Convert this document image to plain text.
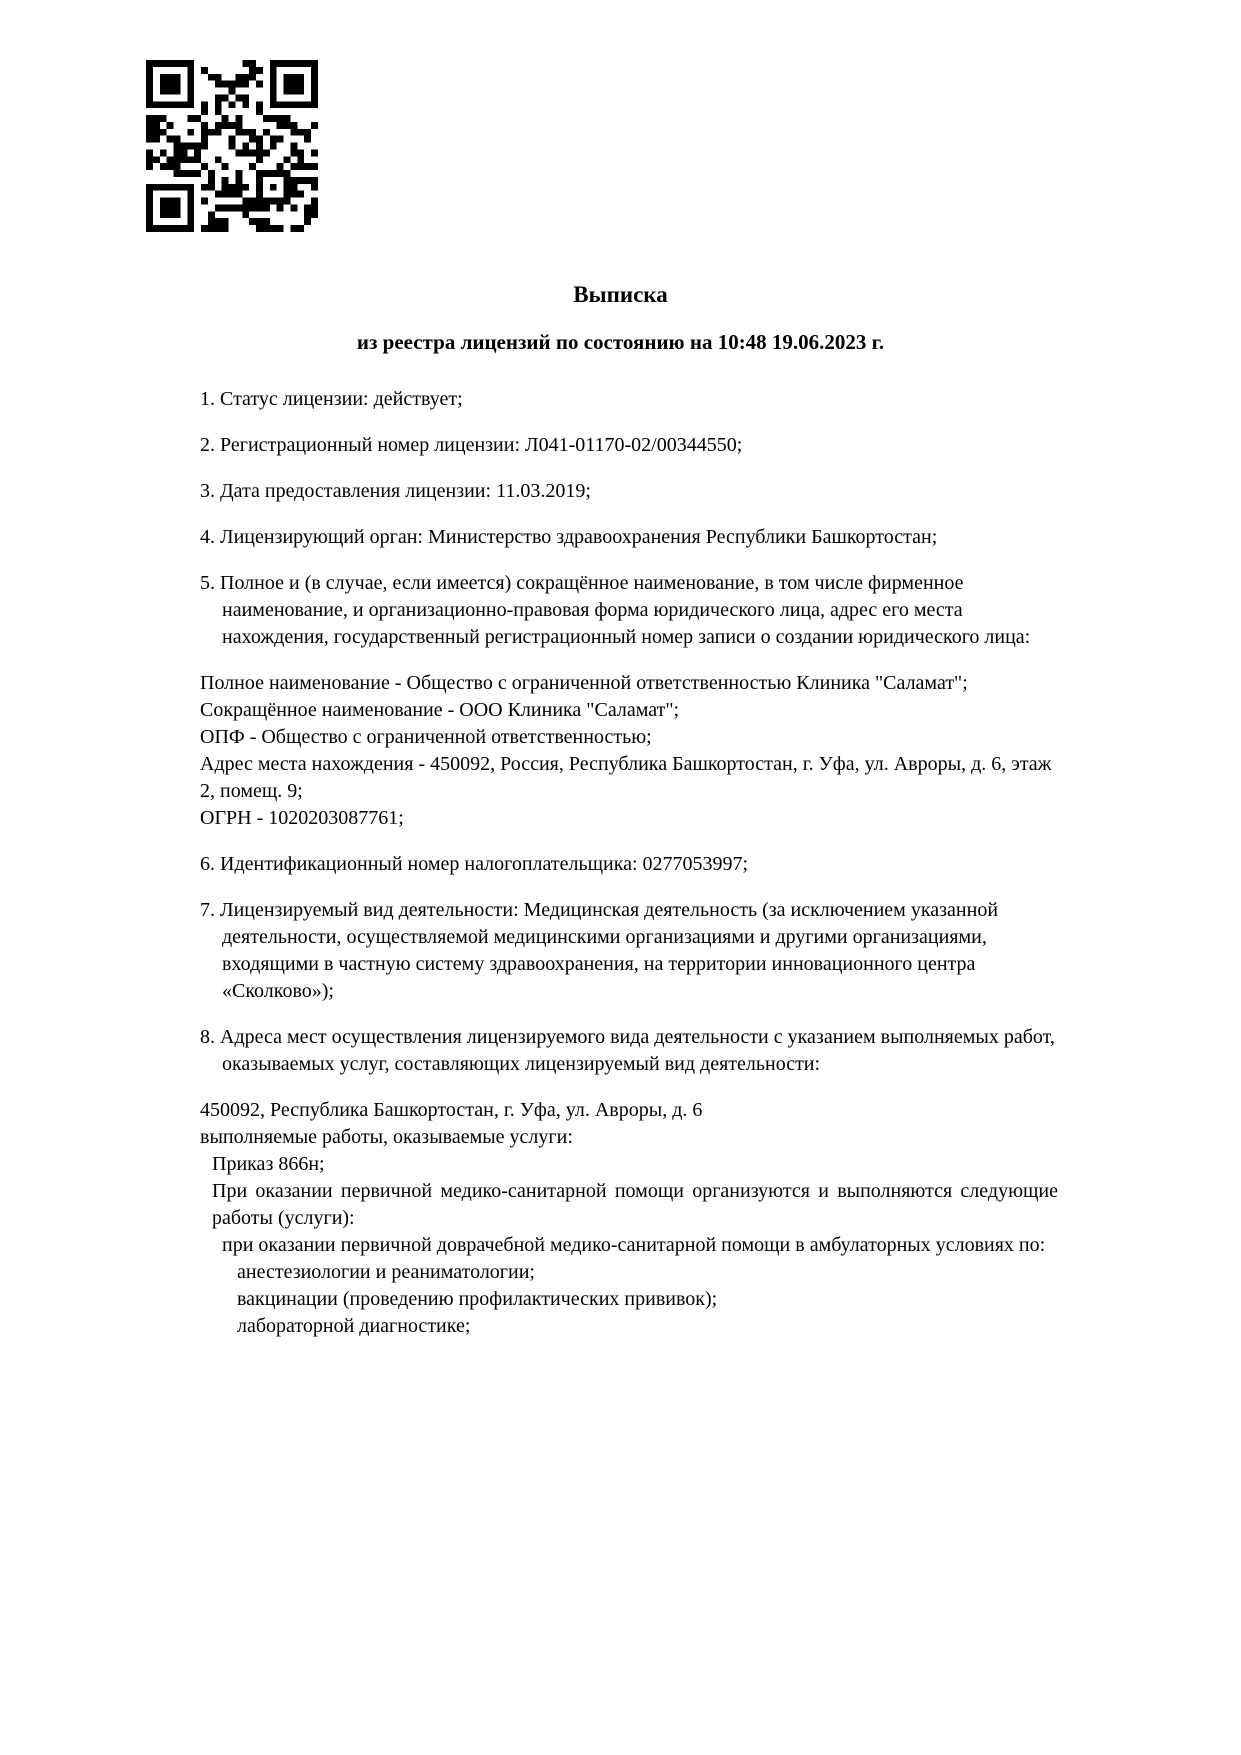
Выписка

из реестра лицензий по состоянию на 10:48 19.06.2023 г.

1. Статус лицензии: действует;

2. Регистрационный номер лицензии: Л041-01170-02/00344550;

3. Дата предоставления лицензии: 11.03.2019;

4. Лицензирующий орган: Министерство здравоохранения Республики Башкортостан;

5. Полное и (в случае, если имеется) сокращённое наименование, в том числе фирменное наименование, и организационно-правовая форма юридического лица, адрес его места нахождения, государственный регистрационный номер записи о создании юридического лица:

Полное наименование - Общество с ограниченной ответственностью Клиника "Саламат";

Сокращённое наименование - ООО Клиника "Саламат";

ОПФ - Общество с ограниченной ответственностью;

Адрес места нахождения - 450092, Россия, Республика Башкортостан, г. Уфа, ул. Авроры, д. 6, этаж 2, помещ. 9;

ОГРН - 1020203087761;

6. Идентификационный номер налогоплательщика: 0277053997;

7. Лицензируемый вид деятельности: Медицинская деятельность (за исключением указанной деятельности, осуществляемой медицинскими организациями и другими организациями, входящими в частную систему здравоохранения, на территории инновационного центра «Сколково»);

8. Адреса мест осуществления лицензируемого вида деятельности с указанием выполняемых работ, оказываемых услуг, составляющих лицензируемый вид деятельности:

450092, Республика Башкортостан, г. Уфа, ул. Авроры, д. 6

выполняемые работы, оказываемые услуги:

Приказ 866н;

При оказании первичной медико-санитарной помощи организуются и выполняются следующие работы (услуги):

при оказании первичной доврачебной медико-санитарной помощи в амбулаторных условиях по:

анестезиологии и реаниматологии;

вакцинации (проведению профилактических прививок);

лабораторной диагностике;
